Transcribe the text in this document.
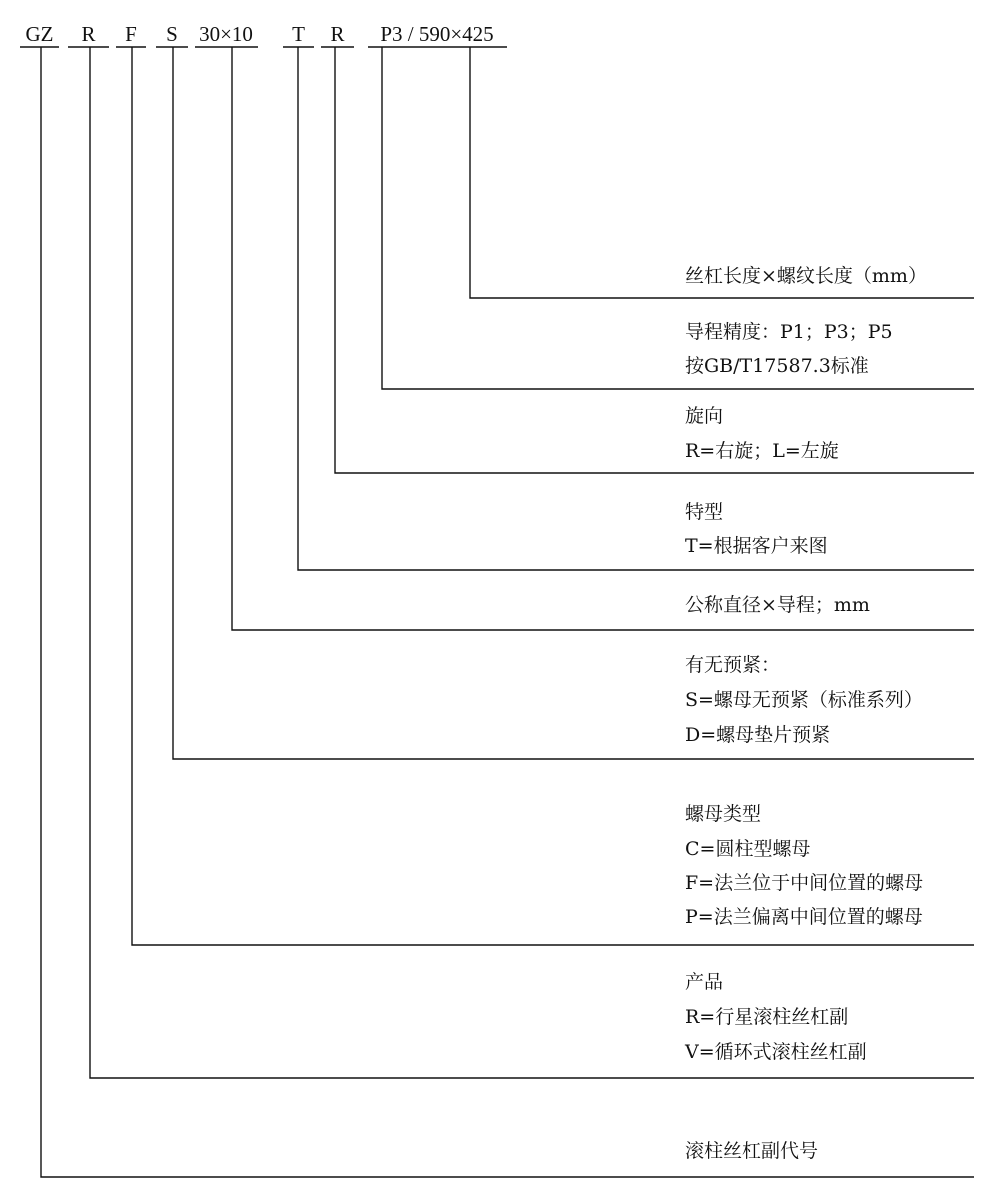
GZ R F S 30×10 T R P3 / 590×425
丝杠长度×螺纹长度（mm）
导程精度：P1；P3；P5
按GB/T17587.3标准
旋向
R=右旋；L=左旋
特型
T=根据客户来图
公称直径×导程；mm
有无预紧：
S=螺母无预紧（标准系列）
D=螺母垫片预紧
螺母类型
C=圆柱型螺母
F=法兰位于中间位置的螺母
P=法兰偏离中间位置的螺母
产品
R=行星滚柱丝杠副
V=循环式滚柱丝杠副
滚柱丝杠副代号
